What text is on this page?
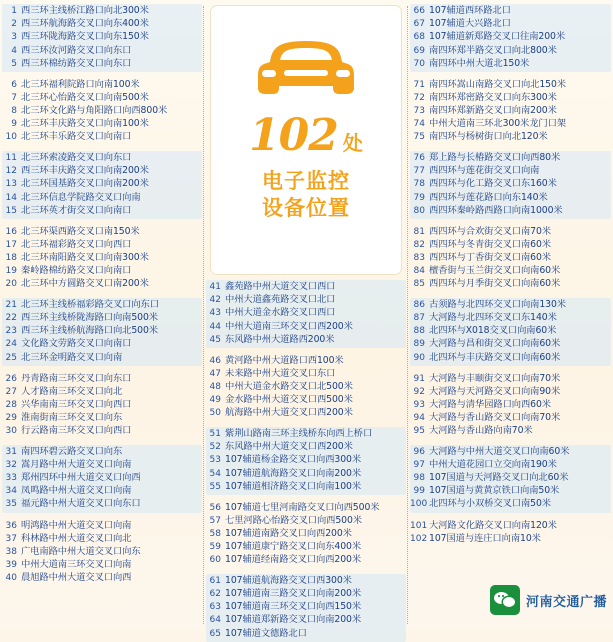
1 西三环主线桥江路口向北300米
2 西三环航海路交叉口向东400米
3 西三环陇海路交叉口向东150米
4 西三环汝河路交叉口向东口
5 西三环棉纺路交叉口向东口
6 北三环福利院路口向南100米
7 北三环心怡路交叉口向南500米
8 北三环文化路与角阳路口向西800米
9 北三环丰庆路交叉口向南100米
10 北三环丰乐路交叉口向南口
11 北三环索凌路交叉口向东口
12 西三环丰庆路交叉口向南200米
13 北三环国基路交叉口向南200米
14 北三环信息学院路交叉口向南
15 北三环英才街交叉口向南口
16 北三环渠西路交叉口南150米
17 北三环福彩路交叉口向西口
18 北三环南阳路交叉口向南300米
19 秦岭路棉纺路交叉口向南口
20 北三环中方圆路交叉口南200米
21 北三环主线桥福彩路交叉口向东口
22 西三环主线桥陇海路口向南500米
23 西三环主线桥航海路口向北500米
24 文化路文劳路交叉口向南口
25 北三环金明路交叉口向南
26 丹青路南三环交叉口向东口
27 人才路南三环交叉口向北
28 兴华南南三环交叉口向西口
29 淮南街南三环交叉口向东
30 行云路南三环交叉口向西口
31 南四环碧云路交叉口向东
32 嵩月路中州大道交叉口向南
33 郑州四环中州大道交叉口向西
34 凤鸣路中州大道交叉口向南
35 福元路中州大道交叉口向东口
36 明鸿路中州大道交叉口向南
37 科林路中州大道交叉口向北
38 广电南路中州大道交叉口向东
39 中州大道南三环交叉口向南
40 晨旭路中州大道交叉口向西
41 鑫苑路中州大道交叉口西口
42 中州大道鑫苑路交叉口北口
43 中州大道金水路交叉口西口
44 中州大道南三环交叉口西200米
45 东风路中州大道路西200米
46 黄河路中州大道路口西100米
47 未来路中州大道交叉口东口
48 中州大道金水路交叉口北500米
49 金水路中州大道交叉口西500米
50 航海路中州大道交叉口西200米
51 紫荆山路南三环主线桥东向西上桥口
52 东风路中州大道交叉口西200米
53 107辅道杨金路交叉口向西300米
54 107辅道航海路交叉口向南200米
55 107辅道相济路交叉口向南100米
56 107辅道七里河南路交叉口向西500米
57 七里河路心怡路交叉口向西500米
58 107辅道南路交叉口向西200米
59 107辅道康宁路交叉口向东400米
60 107辅道经南路交叉口向西200米
61 107辅道航海路交叉口西300米
62 107辅道南三路交叉口向南200米
63 107辅道南三环交叉口向西150米
64 107辅道郑新路交叉口向南200米
65 107辅道文德路北口
66 107辅道西环路北口
67 107辅道大兴路北口
68 107辅道新郑路交叉口往南200米
69 南四环郑半路交叉口向北800米
70 南四环中州大道北150米
71 南四环嵩山南路交叉口向北150米
72 南四环郑密路交叉口向东300米
73 南四环郑新路交叉口向南200米
74 中州大道南三环北300米龙门口架
75 南四环与杨树街口向北120米
76 郑上路与长椿路交叉口向西80米
77 西四环与莲花街交叉口向南
78 西四环与化工路交叉口东160米
79 西四环与莲花路口向东140米
80 西四环秦岭路西路口向南1000米
81 西四环与合欢街交叉口南70米
82 西四环与冬青街交叉口南60米
83 西四环与丁香街交叉口南60米
84 檀香街与玉兰街交叉口向南60米
85 西四环与月季街交叉口向南60米
86 古须路与北四环交叉口向南130米
87 大河路与北四环交叉口东140米
88 北四环与X018交叉口向南60米
89 大河路与昌和街交叉口向南60米
90 北四环与丰庆路交叉口向南60米
91 大河路与丰颐街交叉口向南70米
92 大河路与天河路交叉口向南90米
93 大河路与清华园路口向西60米
94 大河路与香山路交叉口向南70米
95 大河路与香山路向南70米
96 大河路与中州大道交叉口向南60米
97 中州大道花园口立交向南190米
98 107国道与天河路交叉口向北60米
99 107国道与黄黄京铁口向南50米
100 北四环与小双桥交叉口南50米
101 大河路文化路交叉口向南120米
102 107国道与连庄口向南10米
102 处
电子监控
设备位置
河南交通广播
